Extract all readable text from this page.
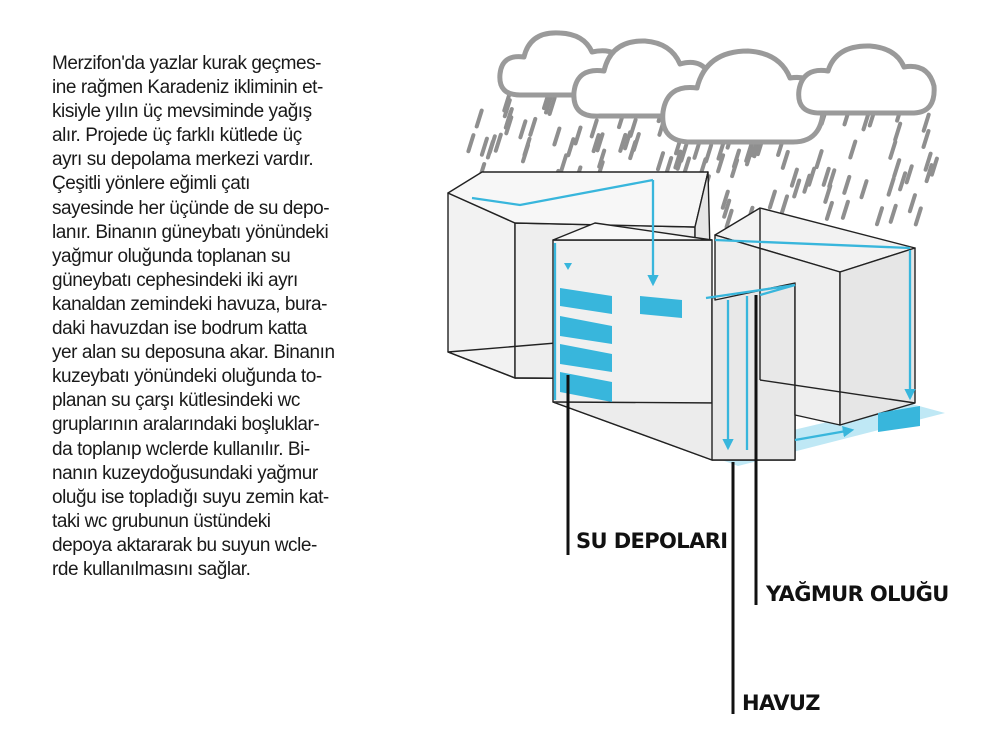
Merzifon'da yazlar kurak geçmes-
ine rağmen Karadeniz ikliminin et-
kisiyle yılın üç mevsiminde yağış
alır. Projede üç farklı kütlede üç
ayrı su depolama merkezi vardır.
Çeşitli yönlere eğimli çatı
sayesinde her üçünde de su depo-
lanır. Binanın güneybatı yönündeki
yağmur oluğunda toplanan su
güneybatı cephesindeki iki ayrı
kanaldan zemindeki havuza, bura-
daki havuzdan ise bodrum katta
yer alan su deposuna akar. Binanın
kuzeybatı yönündeki oluğunda to-
planan su çarşı kütlesindeki wc
gruplarının aralarındaki boşluklar-
da toplanıp wclerde kullanılır. Bi-
nanın kuzeydoğusundaki yağmur
oluğu ise topladığı suyu zemin kat-
taki wc grubunun üstündeki
depoya aktararak bu suyun wcle-
rde kullanılmasını sağlar.
SU DEPOLARI
YAĞMUR OLUĞU
HAVUZ
